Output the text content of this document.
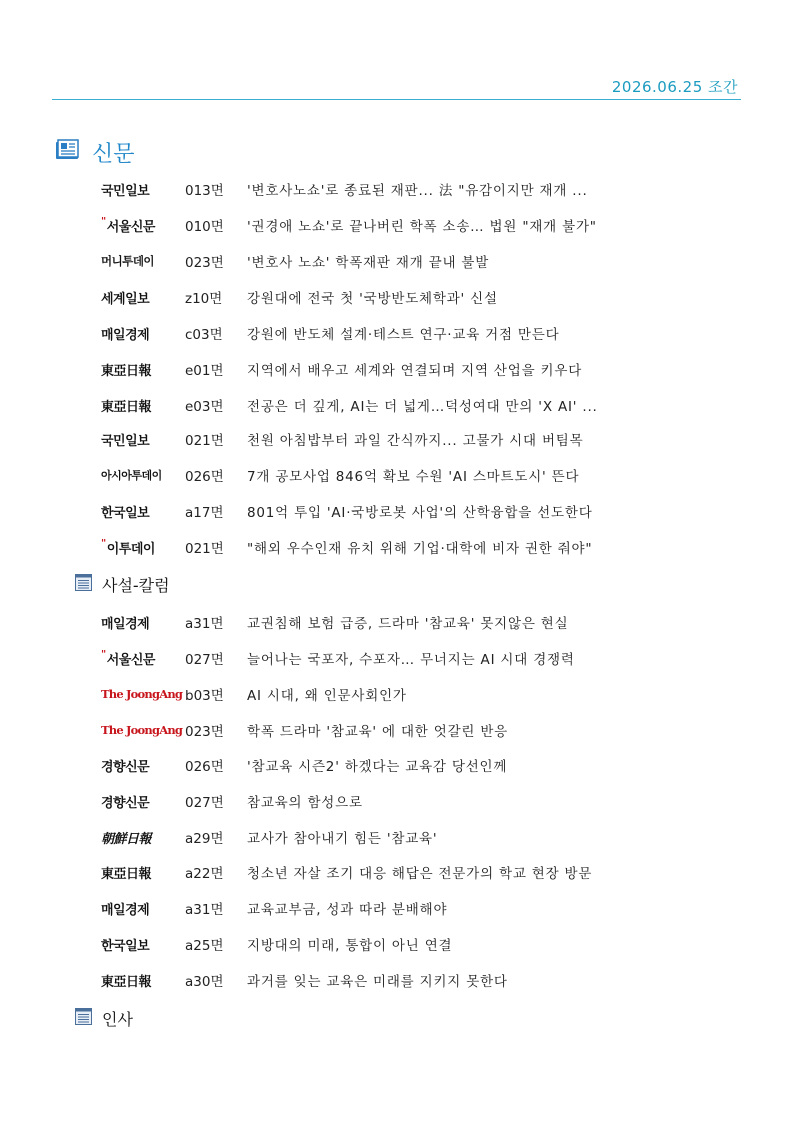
2026.06.25 조간
신문
국민일보	013면	'변호사노쇼'로 종료된 재판... 法 "유감이지만 재개 ...
"서울신문	010면	'권경애 노쇼'로 끝나버린 학폭 소송… 법원 "재개 불가"
머니투데이	023면	'변호사 노쇼' 학폭재판 재개 끝내 불발
세계일보	z10면	강원대에 전국 첫 '국방반도체학과' 신설
매일경제	c03면	강원에 반도체 설계·테스트 연구·교육 거점 만든다
東亞日報	e01면	지역에서 배우고 세계와 연결되며 지역 산업을 키우다
東亞日報	e03면	전공은 더 깊게, AI는 더 넓게…덕성여대 만의 'X AI' ...
국민일보	021면	천원 아침밥부터 과일 간식까지... 고물가 시대 버팀목
아시아투데이	026면	7개 공모사업 846억 확보 수원 'AI 스마트도시' 뜬다
한국일보	a17면	801억 투입 'AI·국방로봇 사업'의 산학융합을 선도한다
"이투데이	021면	"해외 우수인재 유치 위해 기업·대학에 비자 권한 줘야"
사설-칼럼
매일경제	a31면	교권침해 보험 급증, 드라마 '참교육' 못지않은 현실
"서울신문	027면	늘어나는 국포자, 수포자… 무너지는 AI 시대 경쟁력
The JoongAng b03면	AI 시대, 왜 인문사회인가
The JoongAng 023면	학폭 드라마 '참교육' 에 대한 엇갈린 반응
경향신문	026면	'참교육 시즌2' 하겠다는 교육감 당선인께
경향신문	027면	참교육의 함성으로
朝鮮日報	a29면	교사가 참아내기 힘든 '참교육'
東亞日報	a22면	청소년 자살 조기 대응 해답은 전문가의 학교 현장 방문
매일경제	a31면	교육교부금, 성과 따라 분배해야
한국일보	a25면	지방대의 미래, 통합이 아닌 연결
東亞日報	a30면	과거를 잊는 교육은 미래를 지키지 못한다
인사
